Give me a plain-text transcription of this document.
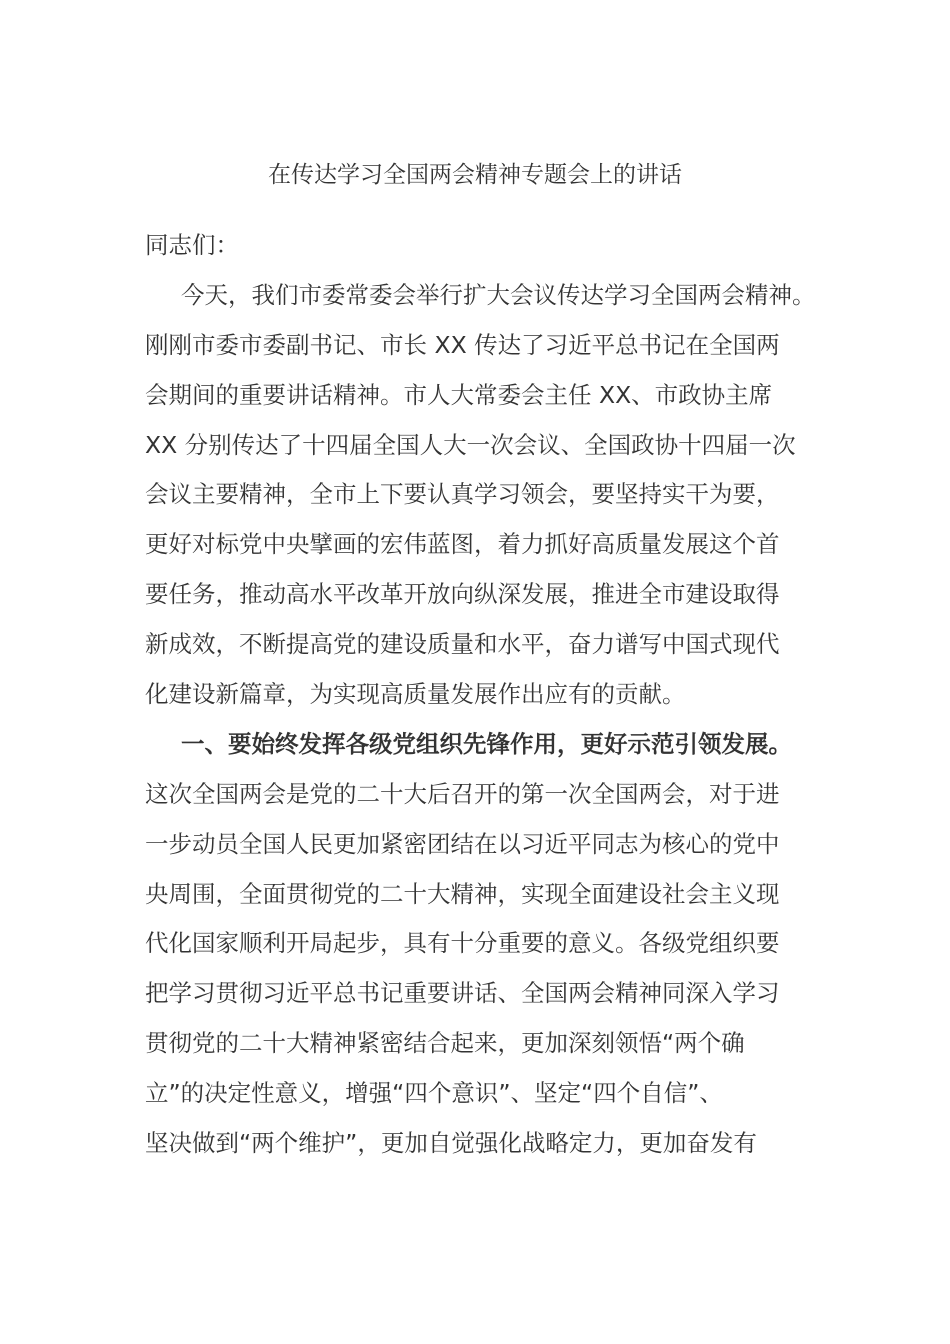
在传达学习全国两会精神专题会上的讲话
同志们：
今天，我们市委常委会举行扩大会议传达学习全国两会精神。
刚刚市委市委副书记、市长 XX 传达了习近平总书记在全国两
会期间的重要讲话精神。市人大常委会主任 XX、市政协主席
XX 分别传达了十四届全国人大一次会议、全国政协十四届一次
会议主要精神，全市上下要认真学习领会，要坚持实干为要，
更好对标党中央擘画的宏伟蓝图，着力抓好高质量发展这个首
要任务，推动高水平改革开放向纵深发展，推进全市建设取得
新成效，不断提高党的建设质量和水平，奋力谱写中国式现代
化建设新篇章，为实现高质量发展作出应有的贡献。
一、要始终发挥各级党组织先锋作用，更好示范引领发展。
这次全国两会是党的二十大后召开的第一次全国两会，对于进
一步动员全国人民更加紧密团结在以习近平同志为核心的党中
央周围，全面贯彻党的二十大精神，实现全面建设社会主义现
代化国家顺利开局起步，具有十分重要的意义。各级党组织要
把学习贯彻习近平总书记重要讲话、全国两会精神同深入学习
贯彻党的二十大精神紧密结合起来，更加深刻领悟“两个确
立”的决定性意义，增强“四个意识”、坚定“四个自信”、
坚决做到“两个维护”，更加自觉强化战略定力，更加奋发有
